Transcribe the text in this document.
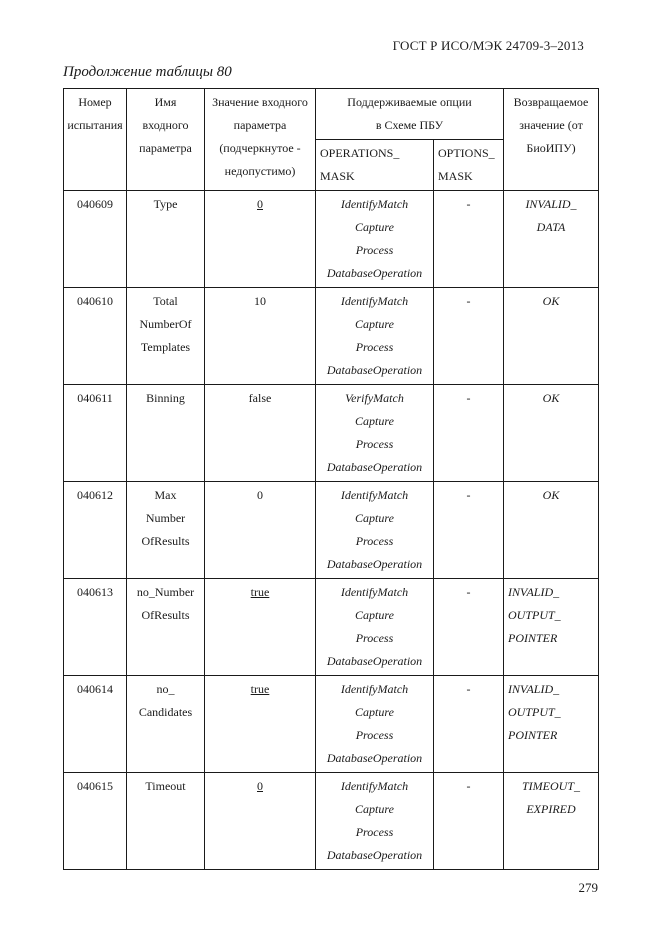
ГОСТ Р ИСО/МЭК 24709-3–2013
Продолжение таблицы 80
Номер
испытания	Имя
входного
параметра	Значение входного
параметра
(подчеркнутое -
недопустимо)	Поддерживаемые опции
в Схеме ПБУ		Возвращаемое
значение (от
БиоИПУ)

			OPERATIONS_
MASK	OPTIONS_
MASK	

040609	Type	0	IdentifyMatch
Capture
Process
DatabaseOperation	-	INVALID_
DATA

040610	Total
NumberOf
Templates	10	IdentifyMatch
Capture
Process
DatabaseOperation	-	OK

040611	Binning	false	VerifyMatch
Capture
Process
DatabaseOperation	-	OK

040612	Max
Number
OfResults	0	IdentifyMatch
Capture
Process
DatabaseOperation	-	OK

040613	no_Number
OfResults	true	IdentifyMatch
Capture
Process
DatabaseOperation	-	INVALID_
OUTPUT_
POINTER

040614	no_
Candidates	true	IdentifyMatch
Capture
Process
DatabaseOperation	-	INVALID_
OUTPUT_
POINTER

040615	Timeout	0	IdentifyMatch
Capture
Process
DatabaseOperation	-	TIMEOUT_
EXPIRED
279
